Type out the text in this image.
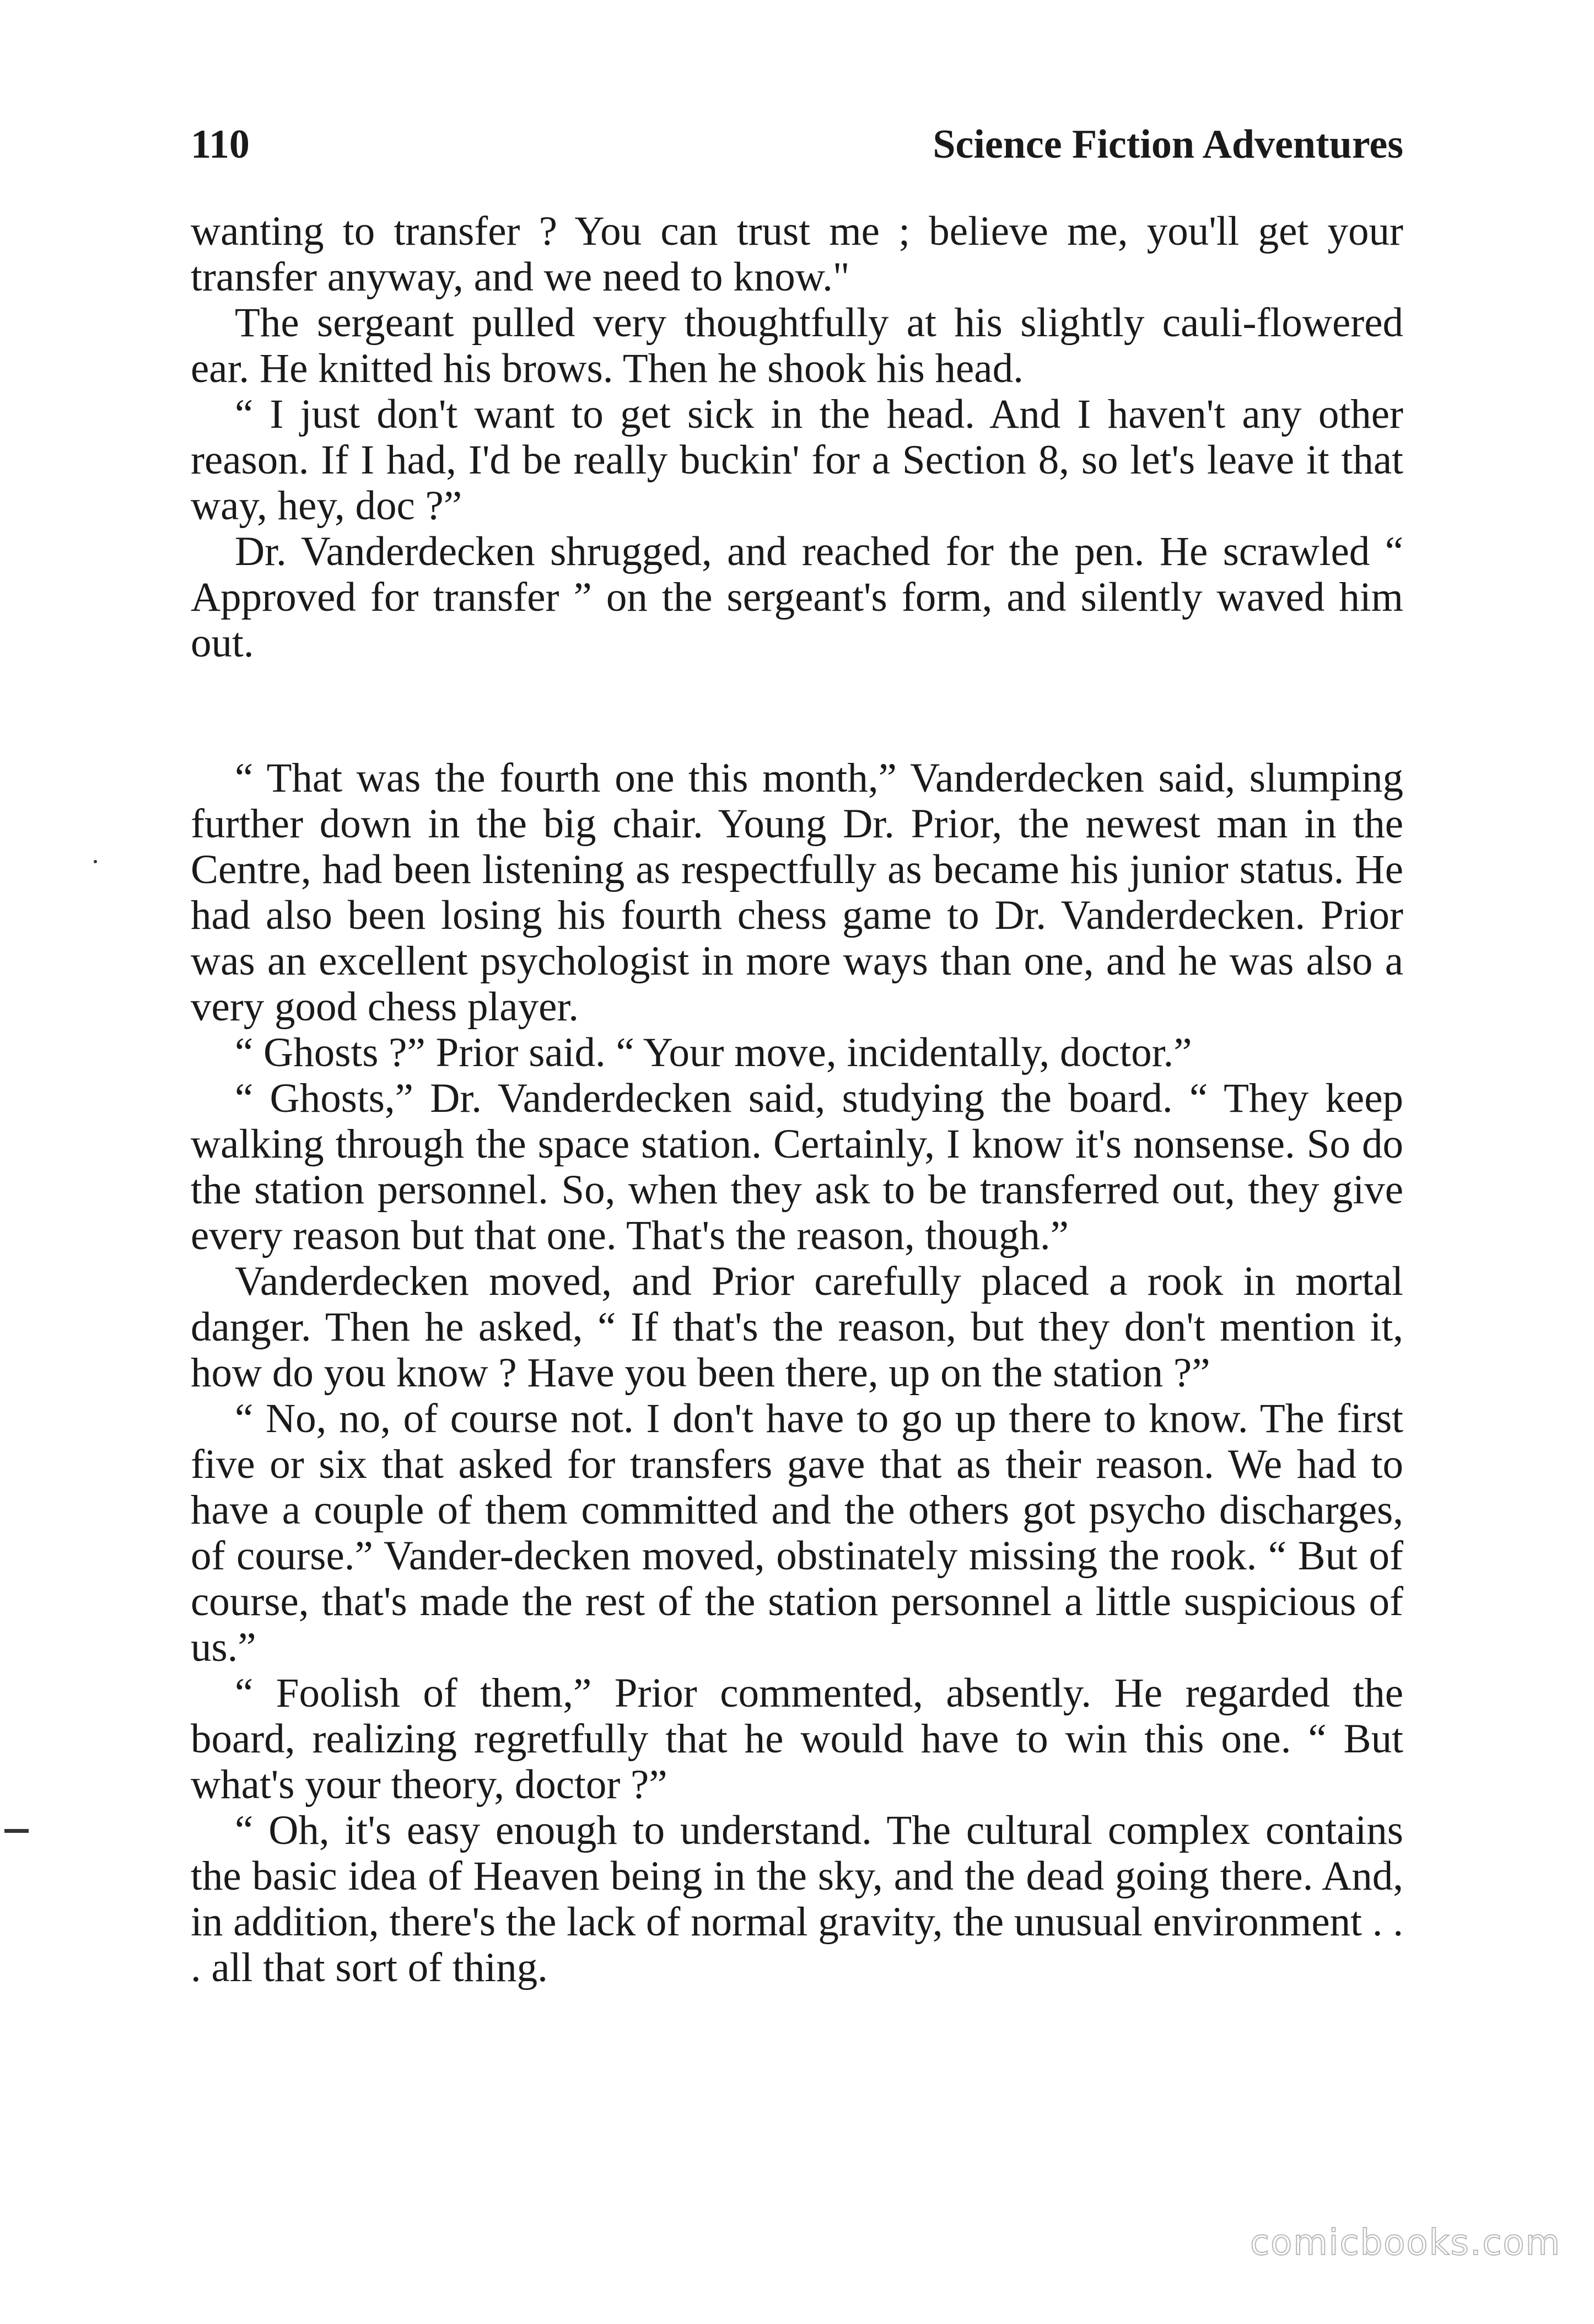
110	Science Fiction Adventures

wanting to transfer ? You can trust me ; believe me, you'll get your transfer anyway, and we need to know."

The sergeant pulled very thoughtfully at his slightly cauli-flowered ear. He knitted his brows. Then he shook his head.

“ I just don't want to get sick in the head. And I haven't any other reason. If I had, I'd be really buckin' for a Section 8, so let's leave it that way, hey, doc ?”

Dr. Vanderdecken shrugged, and reached for the pen. He scrawled “ Approved for transfer ” on the sergeant's form, and silently waved him out.

“ That was the fourth one this month,” Vanderdecken said, slumping further down in the big chair. Young Dr. Prior, the newest man in the Centre, had been listening as respectfully as became his junior status. He had also been losing his fourth chess game to Dr. Vanderdecken. Prior was an excellent psychologist in more ways than one, and he was also a very good chess player.

“ Ghosts ?” Prior said. “ Your move, incidentally, doctor.”

“ Ghosts,” Dr. Vanderdecken said, studying the board. “ They keep walking through the space station. Certainly, I know it's nonsense. So do the station personnel. So, when they ask to be transferred out, they give every reason but that one. That's the reason, though.”

Vanderdecken moved, and Prior carefully placed a rook in mortal danger. Then he asked, “ If that's the reason, but they don't mention it, how do you know ? Have you been there, up on the station ?”

“ No, no, of course not. I don't have to go up there to know. The first five or six that asked for transfers gave that as their reason. We had to have a couple of them committed and the others got psycho discharges, of course.” Vander-decken moved, obstinately missing the rook. “ But of course, that's made the rest of the station personnel a little suspicious of us.”

“ Foolish of them,” Prior commented, absently. He regarded the board, realizing regretfully that he would have to win this one. “ But what's your theory, doctor ?”

“ Oh, it's easy enough to understand. The cultural complex contains the basic idea of Heaven being in the sky, and the dead going there. And, in addition, there's the lack of normal gravity, the unusual environment . . . all that sort of thing.

comicbooks.com
